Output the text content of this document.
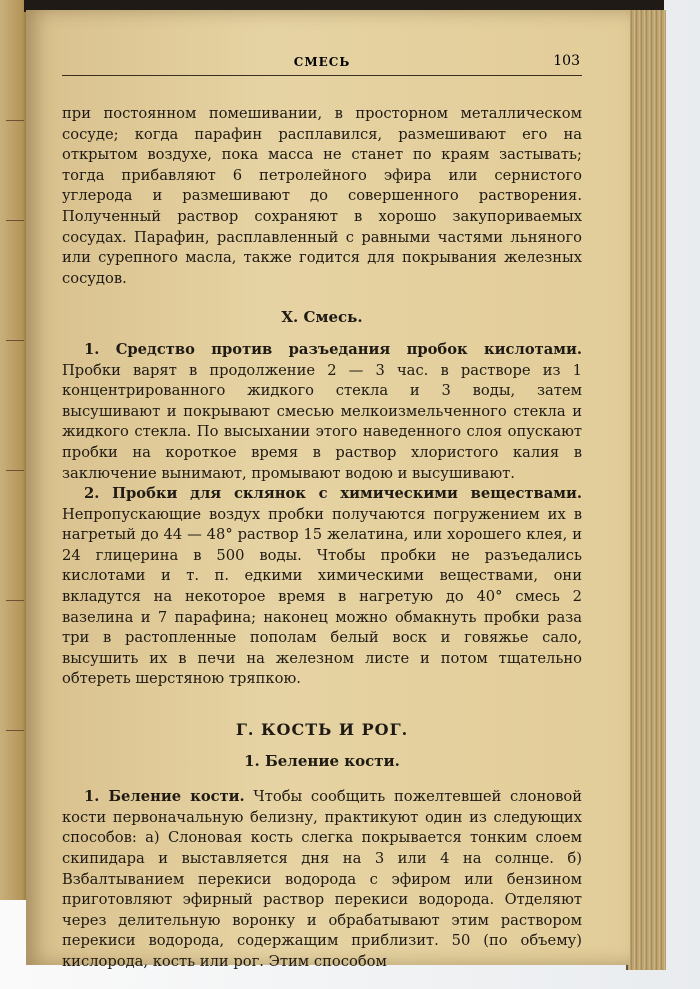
СМЕСЬ	103

при постоянном помешивании, в просторном металлическом сосуде; когда парафин расплавился, размешивают его на открытом воздухе, пока масса не станет по краям застывать; тогда прибавляют 6 петролейного эфира или сернистого углерода и размешивают до совершенного растворения. Полученный раствор сохраняют в хорошо закупориваемых сосудах. Парафин, расплавленный с равными частями льняного или сурепного масла, также годится для покрывания железных сосудов.

X. Смесь.

1. Средство против разъедания пробок кислотами. Пробки варят в продолжение 2 — 3 час. в растворе из 1 концентрированного жидкого стекла и 3 воды, затем высушивают и покрывают смесью мелкоизмельченного стекла и жидкого стекла. По высыхании этого наведенного слоя опускают пробки на короткое время в раствор хлористого калия в заключение вынимают, промывают водою и высушивают.

2. Пробки для склянок с химическими веществами. Непропускающие воздух пробки получаются погружением их в нагретый до 44 — 48° раствор 15 желатина, или хорошего клея, и 24 глицерина в 500 воды. Чтобы пробки не разъедались кислотами и т. п. едкими химическими веществами, они вкладутся на некоторое время в нагретую до 40° смесь 2 вазелина и 7 парафина; наконец можно обмакнуть пробки раза три в растопленные пополам белый воск и говяжье сало, высушить их в печи на железном листе и потом тщательно обтереть шерстяною тряпкою.

Г. КОСТЬ И РОГ.
1. Беление кости.

1. Беление кости. Чтобы сообщить пожелтевшей слоновой кости первоначальную белизну, практикуют один из следующих способов: а) Слоновая кость слегка покрывается тонким слоем скипидара и выставляется дня на 3 или 4 на солнце. б) Взбалтыванием перекиси водорода с эфиром или бензином приготовляют эфирный раствор перекиси водорода. Отделяют через делительную воронку и обрабатывают этим раствором перекиси водорода, содержащим приблизит. 50 (по объему) кислорода, кость или рог. Этим способом
